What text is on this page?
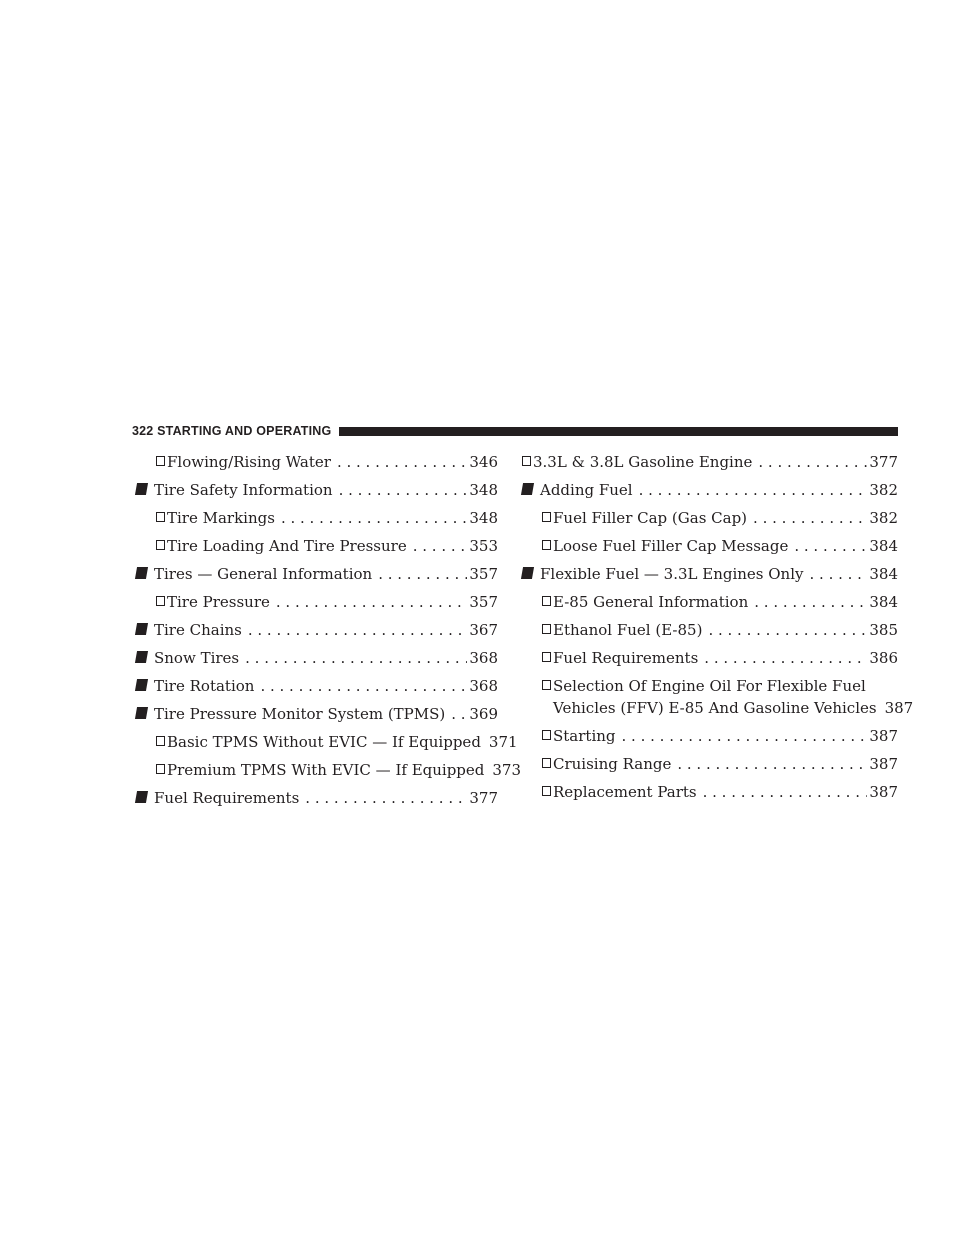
322 STARTING AND OPERATING
Flowing/Rising Water . . .	346
Tire Safety Information . . .	348
Tire Markings . . .	348
Tire Loading And Tire Pressure . . .	353
Tires — General Information . . .	357
Tire Pressure . . .	357
Tire Chains . . .	367
Snow Tires . . .	368
Tire Rotation . . .	368
Tire Pressure Monitor System (TPMS) . . . 369
Basic TPMS Without EVIC — If Equipped . . . 371
Premium TPMS With EVIC — If Equipped . . . 373
Fuel Requirements . . .	377
3.3L & 3.8L Gasoline Engine . . .	377
Adding Fuel . . .	382
Fuel Filler Cap (Gas Cap) . . .	382
Loose Fuel Filler Cap Message . . .	384
Flexible Fuel — 3.3L Engines Only . . .	384
E-85 General Information . . .	384
Ethanol Fuel (E-85) . . .	385
Fuel Requirements . . .	386
Selection Of Engine Oil For Flexible Fuel
Vehicles (FFV) E-85 And Gasoline Vehicles . . . 387
Starting . . .	387
Cruising Range . . .	387
Replacement Parts . . .	387
